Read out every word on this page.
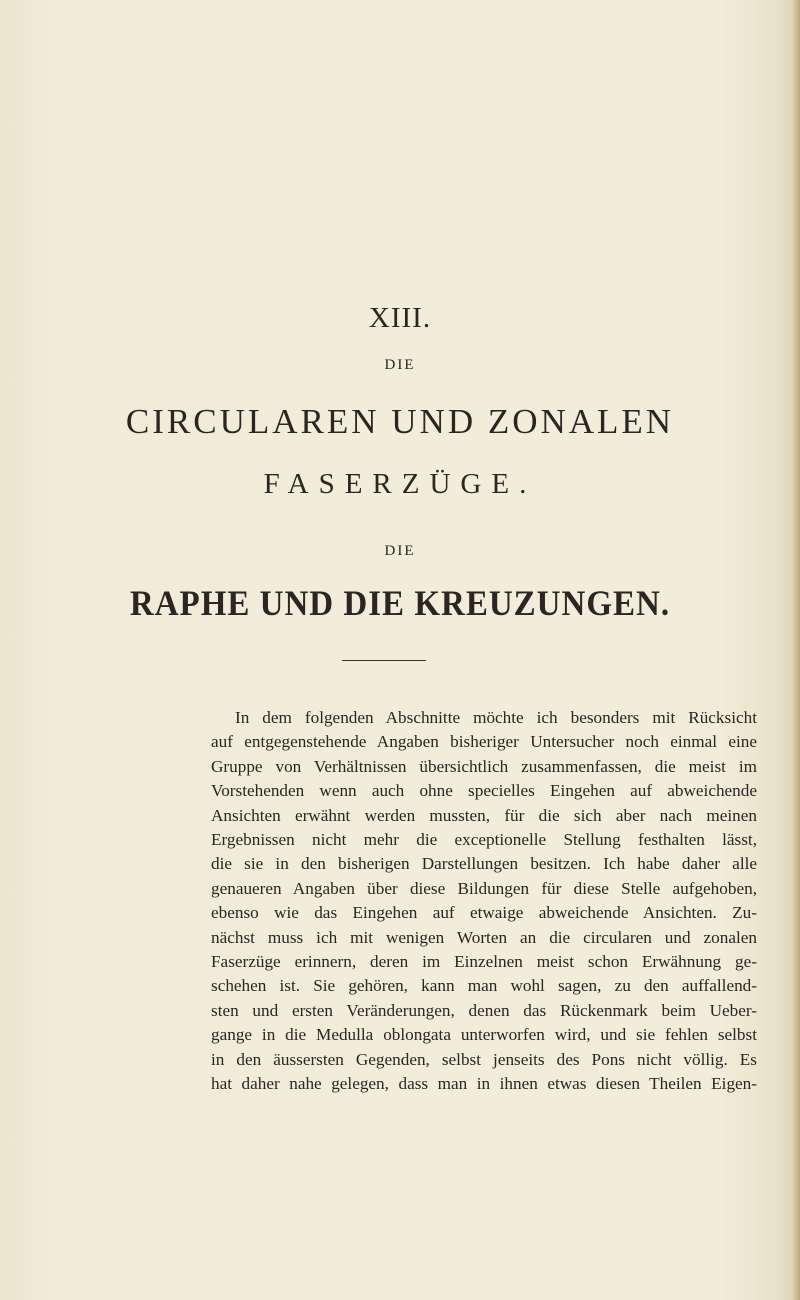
XIII.
DIE
CIRCULAREN UND ZONALEN
FASERZÜGE.
DIE
RAPHE UND DIE KREUZUNGEN.
In dem folgenden Abschnitte möchte ich besonders mit Rücksicht
auf entgegenstehende Angaben bisheriger Untersucher noch einmal eine
Gruppe von Verhältnissen übersichtlich zusammenfassen, die meist im
Vorstehenden wenn auch ohne specielles Eingehen auf abweichende
Ansichten erwähnt werden mussten, für die sich aber nach meinen
Ergebnissen nicht mehr die exceptionelle Stellung festhalten lässt,
die sie in den bisherigen Darstellungen besitzen. Ich habe daher alle
genaueren Angaben über diese Bildungen für diese Stelle aufgehoben,
ebenso wie das Eingehen auf etwaige abweichende Ansichten. Zu-
nächst muss ich mit wenigen Worten an die circularen und zonalen
Faserzüge erinnern, deren im Einzelnen meist schon Erwähnung ge-
schehen ist. Sie gehören, kann man wohl sagen, zu den auffallend-
sten und ersten Veränderungen, denen das Rückenmark beim Ueber-
gange in die Medulla oblongata unterworfen wird, und sie fehlen selbst
in den äussersten Gegenden, selbst jenseits des Pons nicht völlig. Es
hat daher nahe gelegen, dass man in ihnen etwas diesen Theilen Eigen-
